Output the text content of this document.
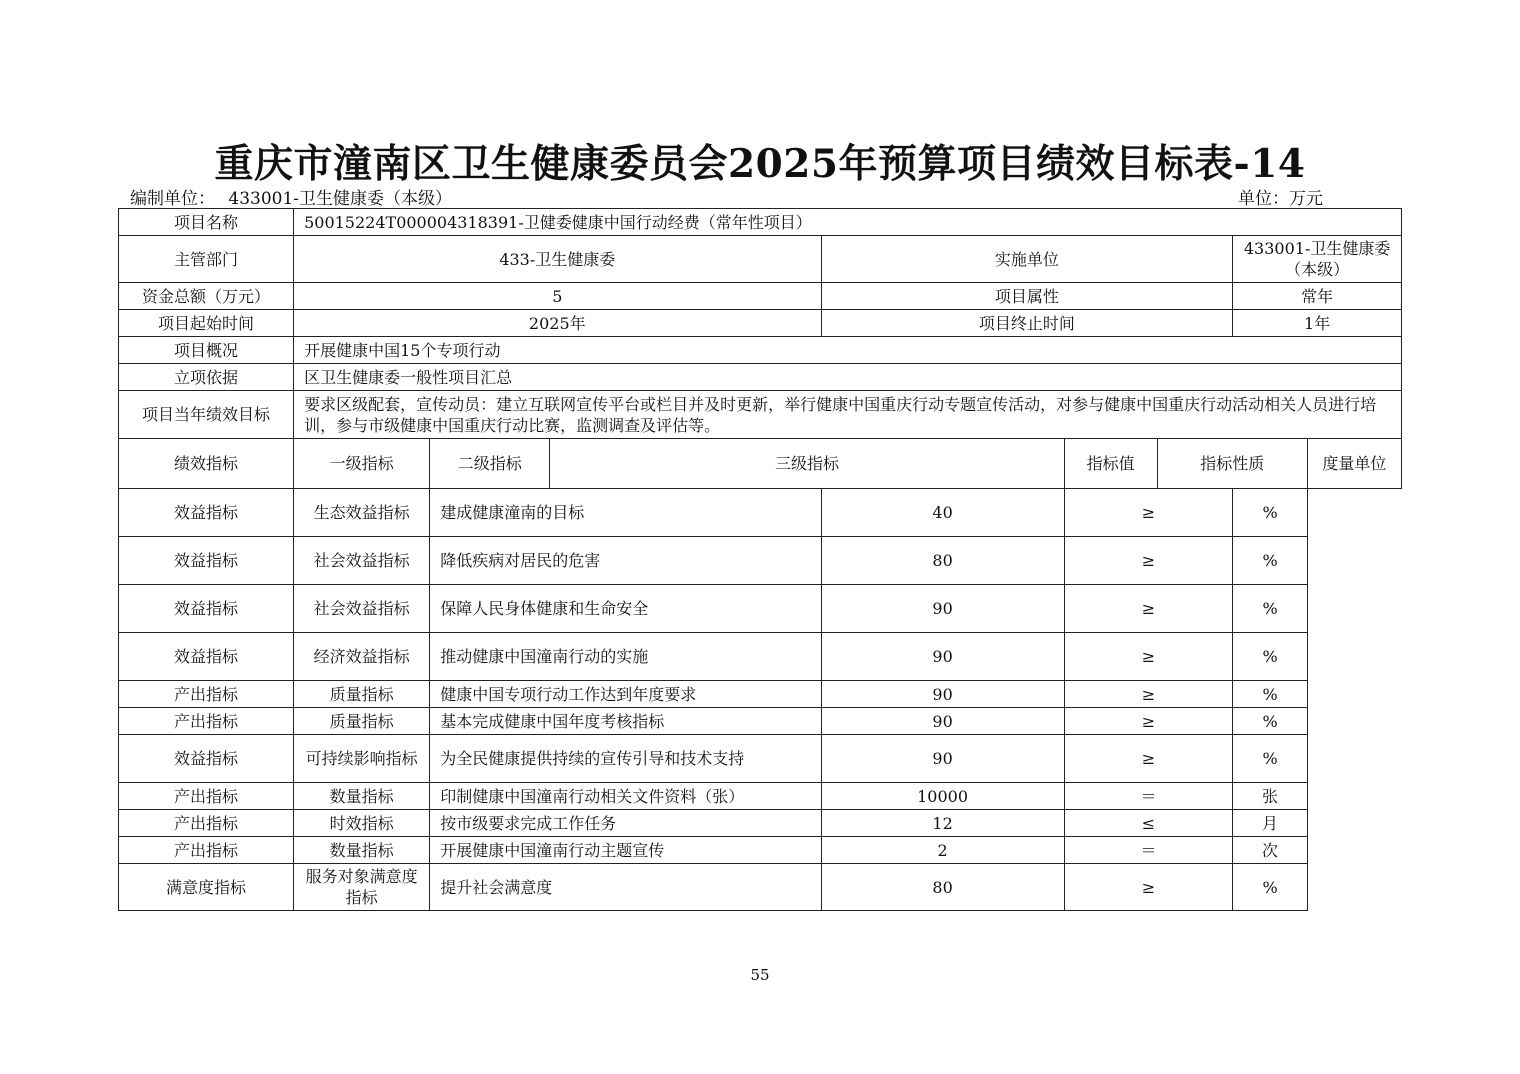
重庆市潼南区卫生健康委员会2025年预算项目绩效目标表-14
编制单位： 433001-卫生健康委（本级）	单位：万元
项目名称	50015224T000004318391-卫健委健康中国行动经费（常年性项目）							
主管部门	433-卫生健康委			实施单位			433001-卫生健康委（本级）	
资金总额（万元）	5			项目属性			常年	
项目起始时间	2025年			项目终止时间			1年	
项目概况	开展健康中国15个专项行动							
立项依据	区卫生健康委一般性项目汇总							
项目当年绩效目标	要求区级配套，宣传动员：建立互联网宣传平台或栏目并及时更新，举行健康中国重庆行动专题宣传活动，对参与健康中国重庆行动活动相关人员进行培训，参与市级健康中国重庆行动比赛，监测调查及评估等。							
绩效指标	一级指标	二级指标	三级指标		指标值	指标性质		度量单位
效益指标	生态效益指标	建成健康潼南的目标		40	≥		%	
效益指标	社会效益指标	降低疾病对居民的危害		80	≥		%	
效益指标	社会效益指标	保障人民身体健康和生命安全		90	≥		%	
效益指标	经济效益指标	推动健康中国潼南行动的实施		90	≥		%	
产出指标	质量指标	健康中国专项行动工作达到年度要求		90	≥		%	
产出指标	质量指标	基本完成健康中国年度考核指标		90	≥		%	
效益指标	可持续影响指标	为全民健康提供持续的宣传引导和技术支持		90	≥		%	
产出指标	数量指标	印制健康中国潼南行动相关文件资料（张）		10000	＝		张	
产出指标	时效指标	按市级要求完成工作任务		12	≤		月	
产出指标	数量指标	开展健康中国潼南行动主题宣传		2	＝		次	
满意度指标	服务对象满意度指标	提升社会满意度		80	≥		%	
55
